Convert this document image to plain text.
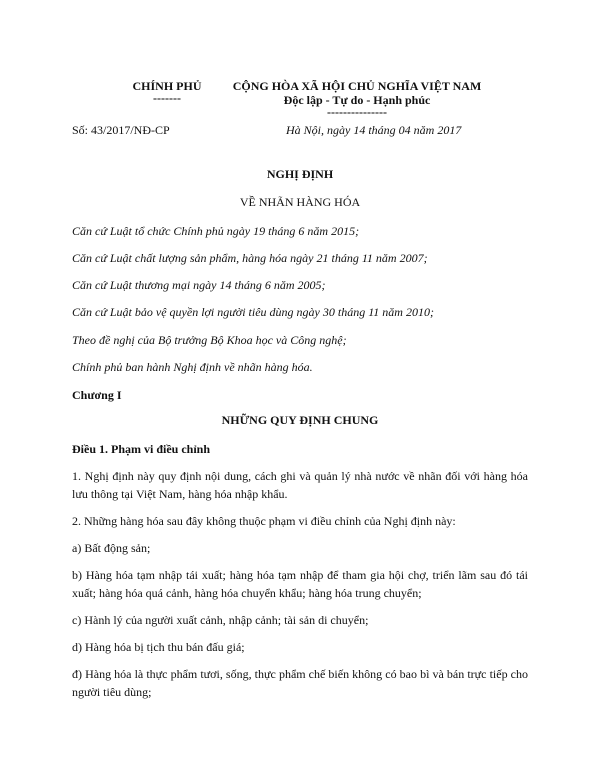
CHÍNH PHỦ
-------
CỘNG HÒA XÃ HỘI CHỦ NGHĨA VIỆT NAM
Độc lập - Tự do - Hạnh phúc
---------------
Số: 43/2017/NĐ-CP	Hà Nội, ngày 14 tháng 04 năm 2017
NGHỊ ĐỊNH
VỀ NHÃN HÀNG HÓA
Căn cứ Luật tổ chức Chính phủ ngày 19 tháng 6 năm 2015;
Căn cứ Luật chất lượng sản phẩm, hàng hóa ngày 21 tháng 11 năm 2007;
Căn cứ Luật thương mại ngày 14 tháng 6 năm 2005;
Căn cứ Luật bảo vệ quyền lợi người tiêu dùng ngày 30 tháng 11 năm 2010;
Theo đề nghị của Bộ trưởng Bộ Khoa học và Công nghệ;
Chính phủ ban hành Nghị định về nhãn hàng hóa.
Chương I
NHỮNG QUY ĐỊNH CHUNG
Điều 1. Phạm vi điều chỉnh
1. Nghị định này quy định nội dung, cách ghi và quản lý nhà nước về nhãn đối với hàng hóa lưu thông tại Việt Nam, hàng hóa nhập khẩu.
2. Những hàng hóa sau đây không thuộc phạm vi điều chỉnh của Nghị định này:
a) Bất động sản;
b) Hàng hóa tạm nhập tái xuất; hàng hóa tạm nhập để tham gia hội chợ, triển lãm sau đó tái xuất; hàng hóa quá cảnh, hàng hóa chuyển khẩu; hàng hóa trung chuyển;
c) Hành lý của người xuất cảnh, nhập cảnh; tài sản di chuyển;
d) Hàng hóa bị tịch thu bán đấu giá;
đ) Hàng hóa là thực phẩm tươi, sống, thực phẩm chế biến không có bao bì và bán trực tiếp cho người tiêu dùng;
